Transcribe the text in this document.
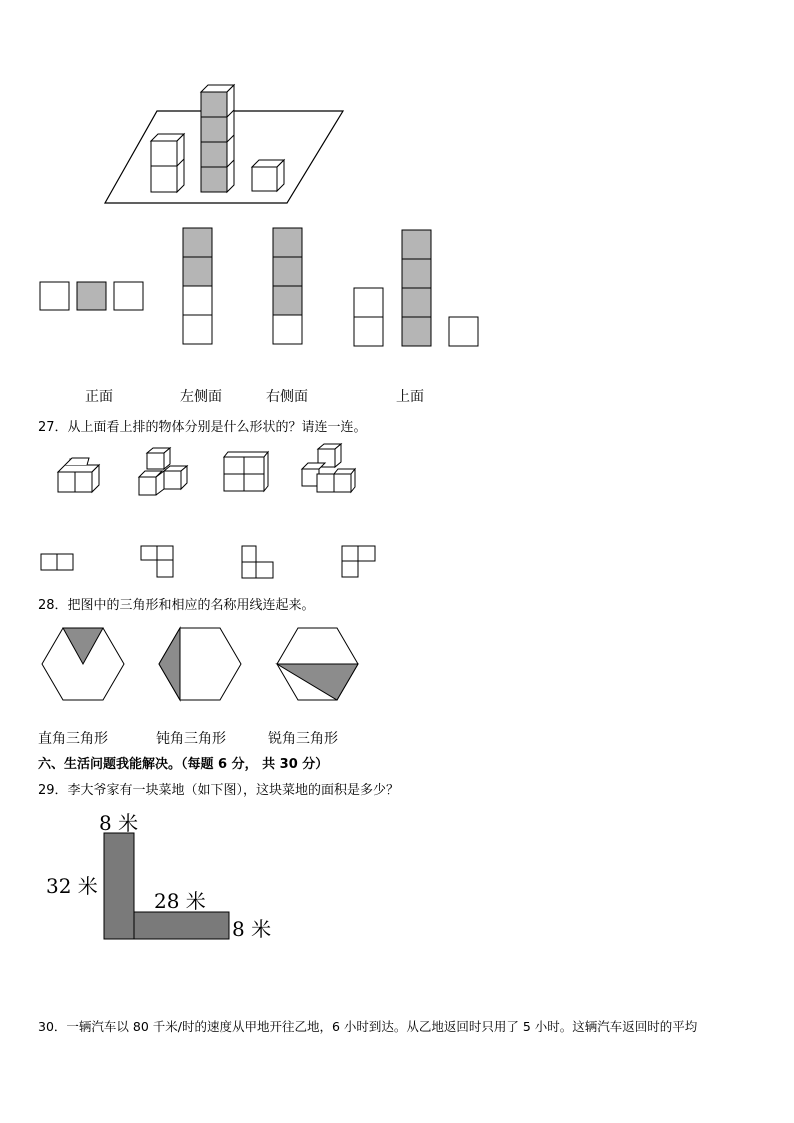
正面	左侧面	右侧面	上面
27．从上面看上排的物体分别是什么形状的？请连一连。
28．把图中的三角形和相应的名称用线连起来。
直角三角形	钝角三角形	锐角三角形
六、生活问题我能解决。（每题 6 分， 共 30 分）
29．李大爷家有一块菜地（如下图），这块菜地的面积是多少？
8 米
32 米
28 米
8 米
30．一辆汽车以 80 千米/时的速度从甲地开往乙地，6 小时到达。从乙地返回时只用了 5 小时。这辆汽车返回时的平均
